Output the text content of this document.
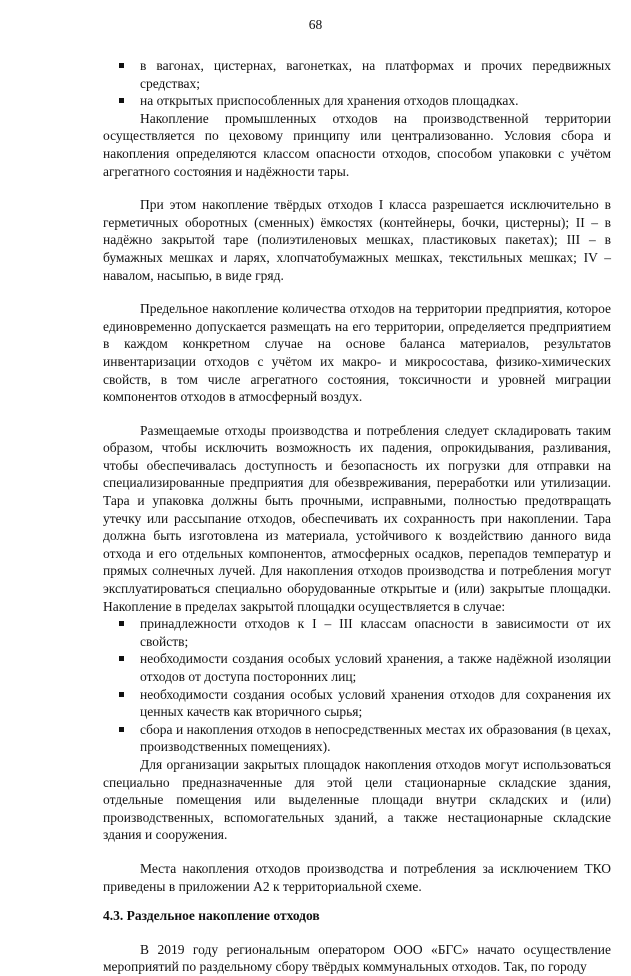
68
в вагонах, цистернах, вагонетках, на платформах и прочих передвижных средствах;
на открытых приспособленных для хранения отходов площадках.

Накопление промышленных отходов на производственной территории осуществляется по цеховому принципу или централизованно. Условия сбора и накопления определяются классом опасности отходов, способом упаковки с учётом агрегатного состояния и надёжности тары.

При этом накопление твёрдых отходов I класса разрешается исключительно в герметичных оборотных (сменных) ёмкостях (контейнеры, бочки, цистерны); II – в надёжно закрытой таре (полиэтиленовых мешках, пластиковых пакетах); III – в бумажных мешках и ларях, хлопчатобумажных мешках, текстильных мешках; IV – навалом, насыпью, в виде гряд.

Предельное накопление количества отходов на территории предприятия, которое единовременно допускается размещать на его территории, определяется предприятием в каждом конкретном случае на основе баланса материалов, результатов инвентаризации отходов с учётом их макро- и микросостава, физико-химических свойств, в том числе агрегатного состояния, токсичности и уровней миграции компонентов отходов в атмосферный воздух.

Размещаемые отходы производства и потребления следует складировать таким образом, чтобы исключить возможность их падения, опрокидывания, разливания, чтобы обеспечивалась доступность и безопасность их погрузки для отправки на специализированные предприятия для обезвреживания, переработки или утилизации. Тара и упаковка должны быть прочными, исправными, полностью предотвращать утечку или рассыпание отходов, обеспечивать их сохранность при накоплении. Тара должна быть изготовлена из материала, устойчивого к воздействию данного вида отхода и его отдельных компонентов, атмосферных осадков, перепадов температур и прямых солнечных лучей. Для накопления отходов производства и потребления могут эксплуатироваться специально оборудованные открытые и (или) закрытые площадки. Накопление в пределах закрытой площадки осуществляется в случае:

принадлежности отходов к I – III классам опасности в зависимости от их свойств;
необходимости создания особых условий хранения, а также надёжной изоляции отходов от доступа посторонних лиц;
необходимости создания особых условий хранения отходов для сохранения их ценных качеств как вторичного сырья;
сбора и накопления отходов в непосредственных местах их образования (в цехах, производственных помещениях).

Для организации закрытых площадок накопления отходов могут использоваться специально предназначенные для этой цели стационарные складские здания, отдельные помещения или выделенные площади внутри складских и (или) производственных, вспомогательных зданий, а также нестационарные складские здания и сооружения.

Места накопления отходов производства и потребления за исключением ТКО приведены в приложении А2 к территориальной схеме.

4.3. Раздельное накопление отходов

В 2019 году региональным оператором ООО «БГС» начато осуществление мероприятий по раздельному сбору твёрдых коммунальных отходов. Так, по городу
